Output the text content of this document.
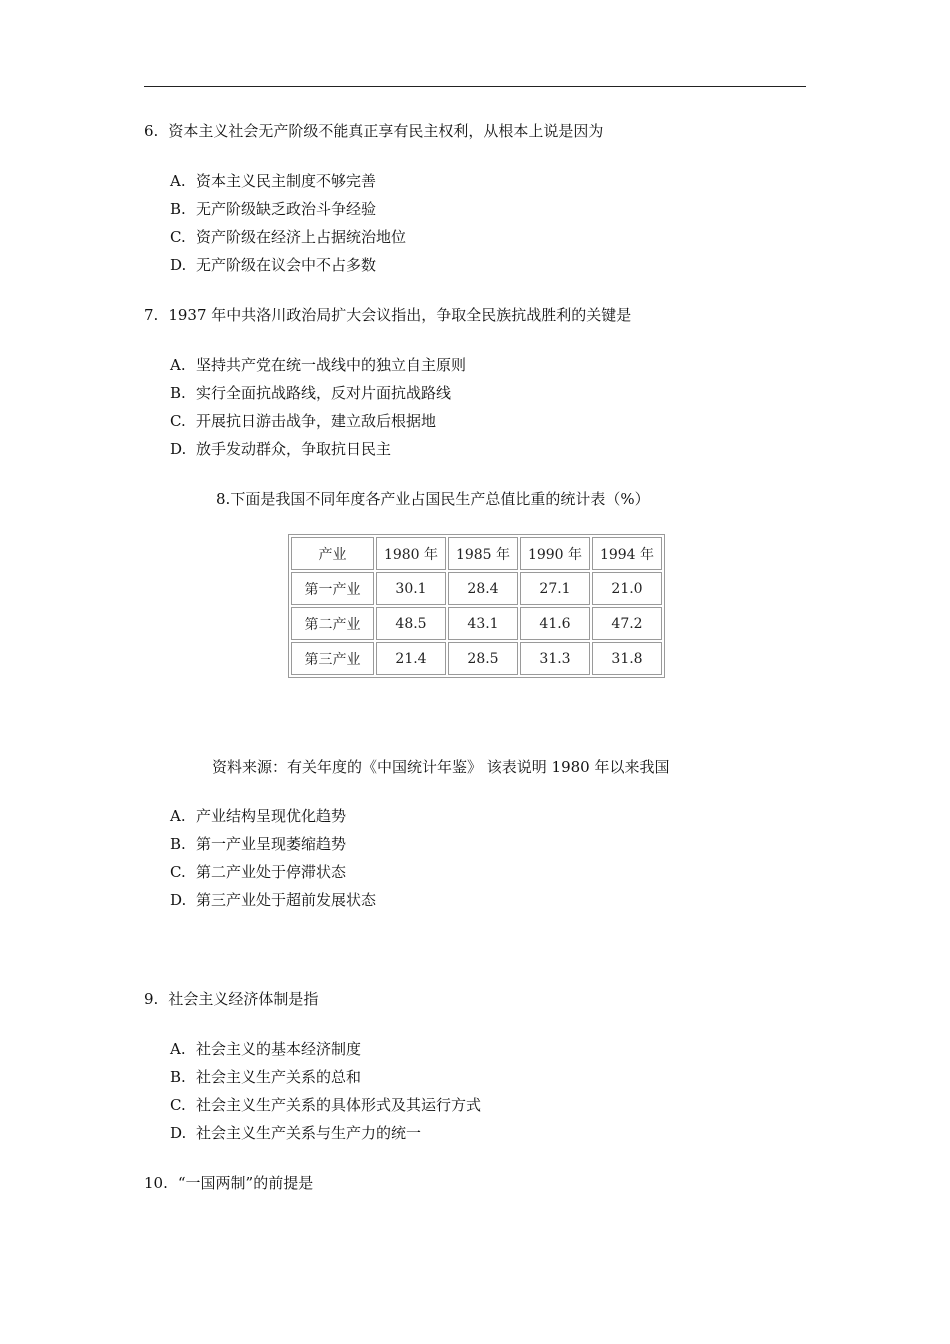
6. 资本主义社会无产阶级不能真正享有民主权利，从根本上说是因为
A. 资本主义民主制度不够完善
B. 无产阶级缺乏政治斗争经验
C. 资产阶级在经济上占据统治地位
D. 无产阶级在议会中不占多数
7. 1937 年中共洛川政治局扩大会议指出，争取全民族抗战胜利的关键是
A. 坚持共产党在统一战线中的独立自主原则
B. 实行全面抗战路线，反对片面抗战路线
C. 开展抗日游击战争，建立敌后根据地
D. 放手发动群众，争取抗日民主
8.下面是我国不同年度各产业占国民生产总值比重的统计表（%）
产业	1980 年	1985 年	1990 年	1994 年
第一产业	30.1	28.4	27.1	21.0
第二产业	48.5	43.1	41.6	47.2
第三产业	21.4	28.5	31.3	31.8
资料来源：有关年度的《中国统计年鉴》 该表说明 1980 年以来我国
A. 产业结构呈现优化趋势
B. 第一产业呈现萎缩趋势
C. 第二产业处于停滞状态
D. 第三产业处于超前发展状态
9. 社会主义经济体制是指
A. 社会主义的基本经济制度
B. 社会主义生产关系的总和
C. 社会主义生产关系的具体形式及其运行方式
D. 社会主义生产关系与生产力的统一
10. “一国两制”的前提是
